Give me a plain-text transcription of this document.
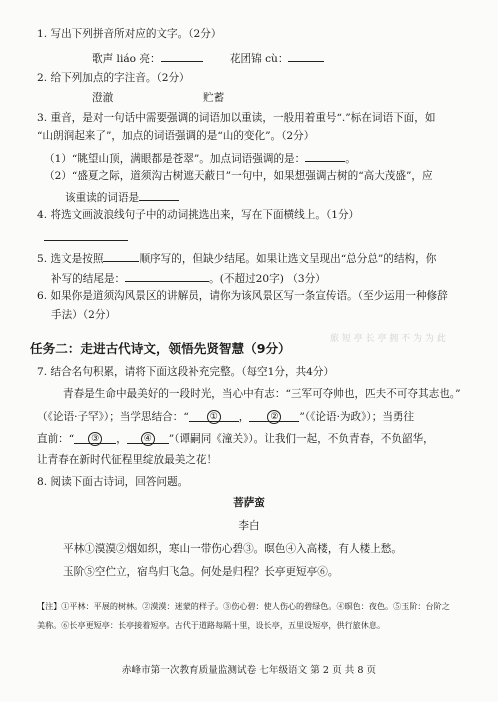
1. 写出下列拼音所对应的文字。（2分）
歌声 liáo 亮：	花团锦 cù：
2. 给下列加点的字注音。（2分）
澄澈	贮蓄
3. 重音，是对一句话中需要强调的词语加以重读，一般用着重号“.”标在词语下面，如
“山朗润起来了”，加点的词语强调的是“山的变化”。（2分）
（1）“眺望山顶，满眼都是苍翠”。加点词语强调的是：	。
（2）“盛夏之际，道须沟古树遮天蔽日”一句中，如果想强调古树的“高大茂盛”，应
该重读的词语是
4. 将选文画波浪线句子中的动词挑选出来，写在下面横线上。（1分）
5. 选文是按照	顺序写的，但缺少结尾。如果让选文呈现出“总分总”的结构，你
补写的结尾是：	。(不超过20字) （3分）
6. 如果你是道须沟风景区的讲解员，请你为该风景区写一条宣传语。（至少运用一种修辞
手法）（2分）
旅 短 亭 长 亭 拥 不 为 为 此
任务二：走进古代诗文，领悟先贤智慧（9分）
7. 结合名句积累，请将下面这段补充完整。（每空1分，共4分）
青春是生命中最美好的一段时光，当心中有志：“三军可夺帅也，匹夫不可夺其志也。”
（《论语·子罕》）；当学思结合：“ ① ， ② ”（《论语·为政》）；当勇往
直前：“ ③ ， ④ ”（谭嗣同《潼关》）。让我们一起，不负青春，不负韶华，
让青春在新时代征程里绽放最美之花！
8. 阅读下面古诗词，回答问题。
菩萨蛮
李白
平林①漠漠②烟如织，寒山一带伤心碧③。暝色④入高楼，有人楼上愁。
玉阶⑤空伫立，宿鸟归飞急。何处是归程？长亭更短亭⑥。
【注】①平林：平展的树林。②漠漠：迷蒙的样子。③伤心碧：使人伤心的碧绿色。④暝色：夜色。⑤玉阶：台阶之
美称。⑥长亭更短亭：长亭接着短亭。古代于道路每隔十里，设长亭，五里设短亭，供行旅休息。
赤峰市第一次教育质量监测试卷 七年级语文 第 2 页 共 8 页
